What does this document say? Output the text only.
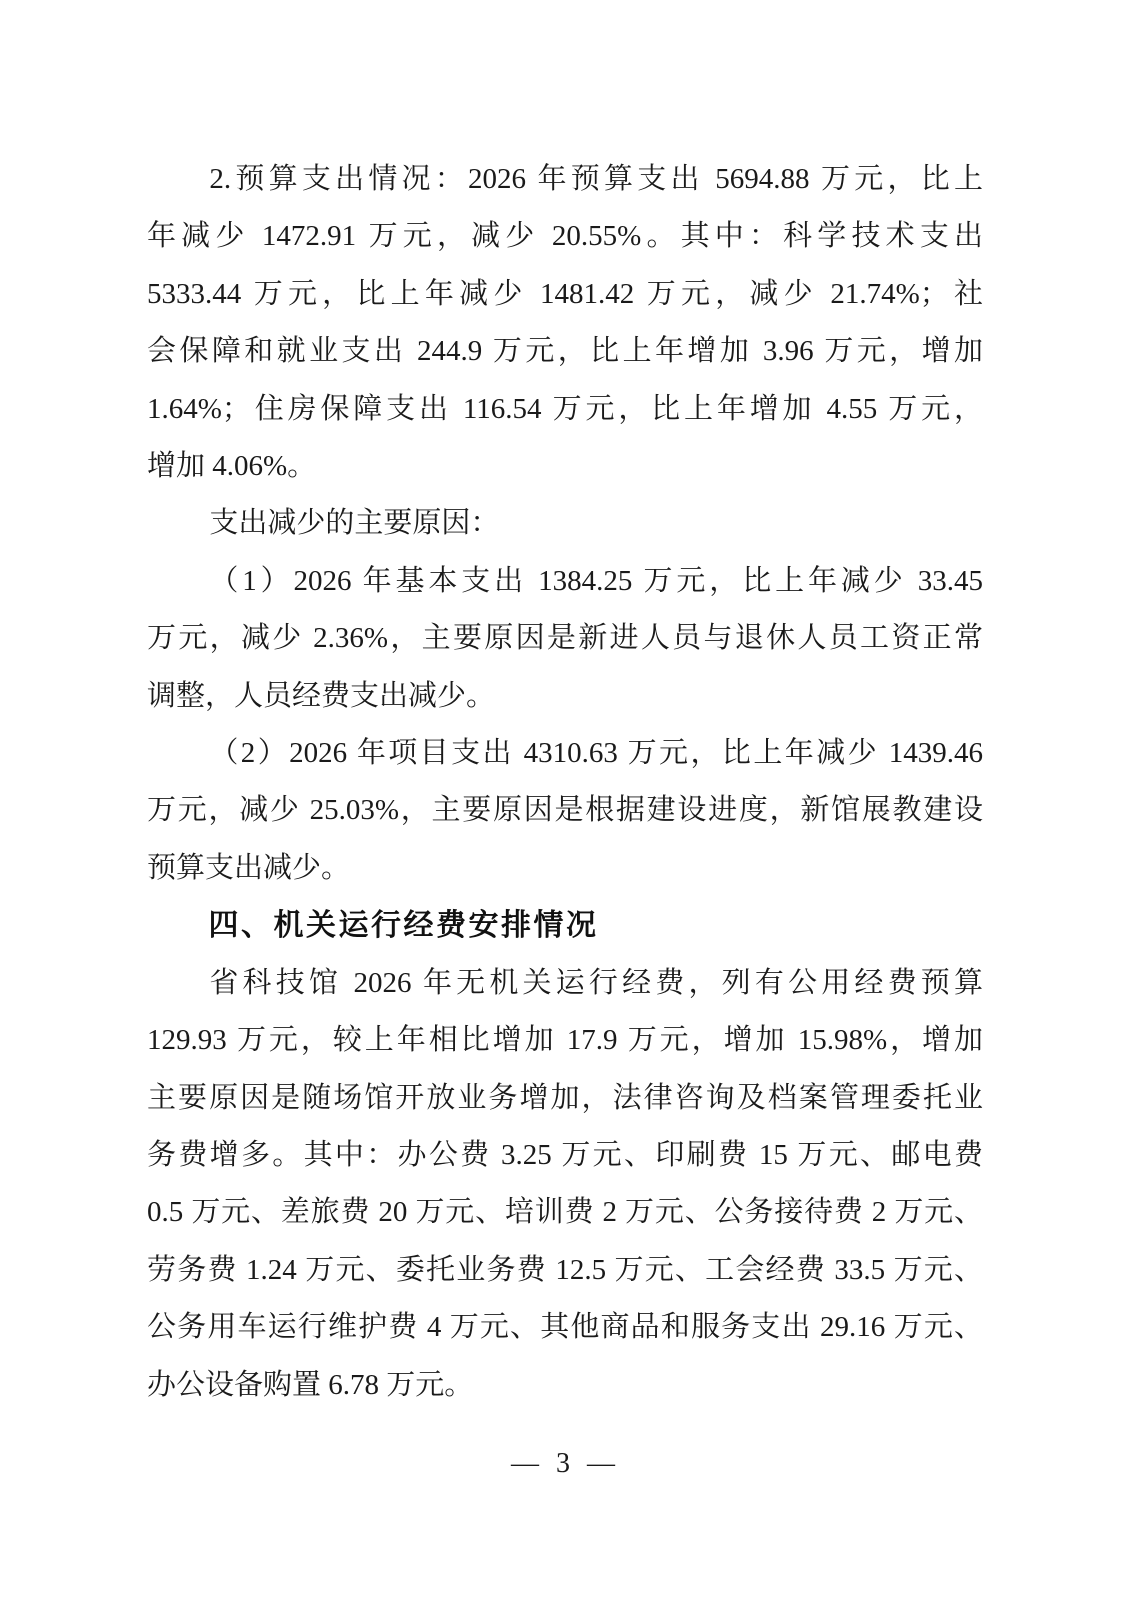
2.预算支出情况：2026 年预算支出 5694.88 万元，比上
年减少 1472.91 万元，减少 20.55%。其中：科学技术支出
5333.44 万元，比上年减少 1481.42 万元，减少 21.74%；社
会保障和就业支出 244.9 万元，比上年增加 3.96 万元，增加
1.64%；住房保障支出 116.54 万元，比上年增加 4.55 万元，
增加 4.06%。
支出减少的主要原因：
（1）2026 年基本支出 1384.25 万元，比上年减少 33.45
万元，减少 2.36%，主要原因是新进人员与退休人员工资正常
调整，人员经费支出减少。
（2）2026 年项目支出 4310.63 万元，比上年减少 1439.46
万元，减少 25.03%，主要原因是根据建设进度，新馆展教建设
预算支出减少。
四、机关运行经费安排情况
省科技馆 2026 年无机关运行经费，列有公用经费预算
129.93 万元，较上年相比增加 17.9 万元，增加 15.98%，增加
主要原因是随场馆开放业务增加，法律咨询及档案管理委托业
务费增多。其中：办公费 3.25 万元、印刷费 15 万元、邮电费
0.5 万元、差旅费 20 万元、培训费 2 万元、公务接待费 2 万元、
劳务费 1.24 万元、委托业务费 12.5 万元、工会经费 33.5 万元、
公务用车运行维护费 4 万元、其他商品和服务支出 29.16 万元、
办公设备购置 6.78 万元。
— 3 —
